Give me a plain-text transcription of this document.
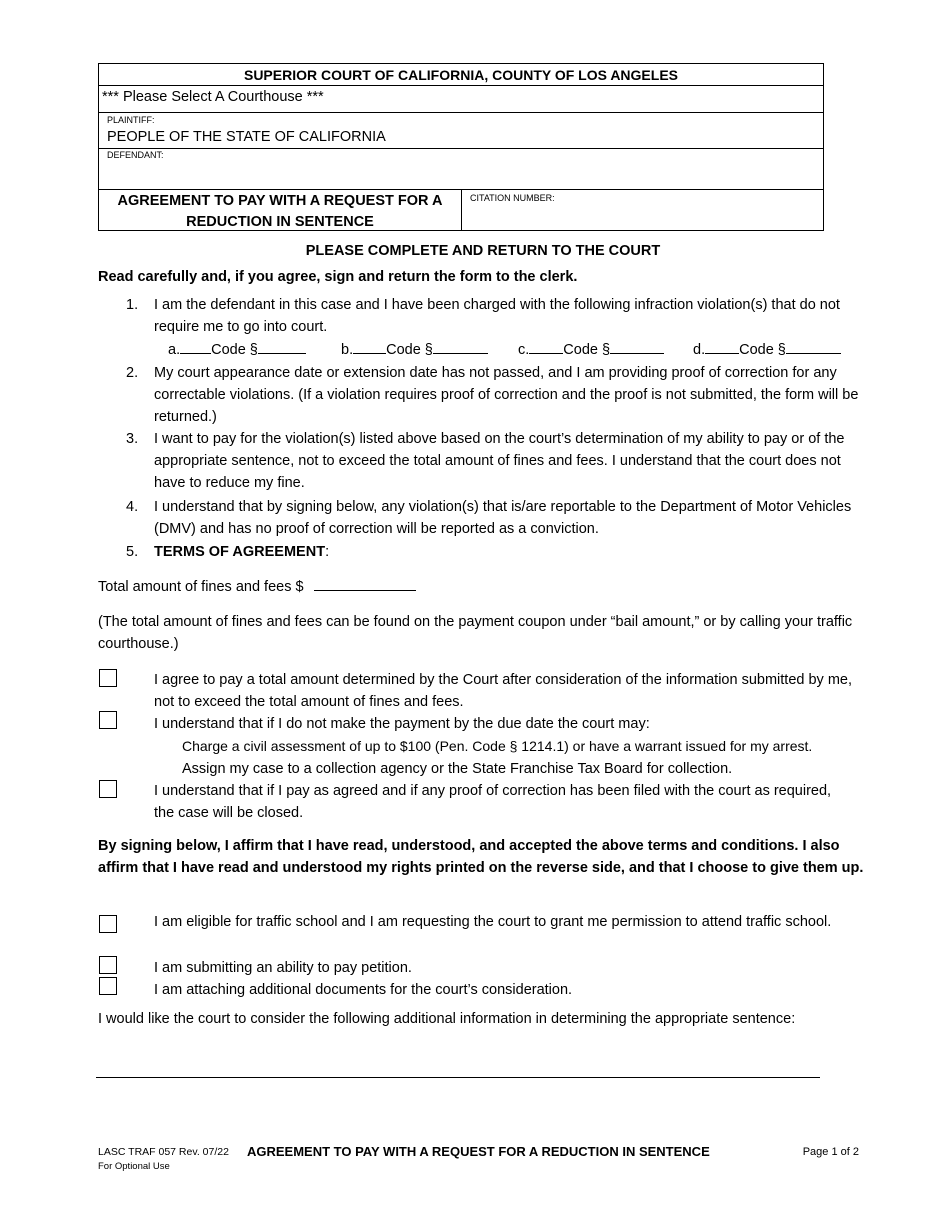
SUPERIOR COURT OF CALIFORNIA, COUNTY OF LOS ANGELES
*** Please Select A Courthouse ***
PLAINTIFF:
PEOPLE OF THE STATE OF CALIFORNIA
DEFENDANT:
AGREEMENT TO PAY WITH A REQUEST FOR A
REDUCTION IN SENTENCE
CITATION NUMBER:
PLEASE COMPLETE AND RETURN TO THE COURT
Read carefully and, if you agree, sign and return the form to the clerk.
1. I am the defendant in this case and I have been charged with the following infraction violation(s) that do not require me to go into court.
a. Code §	b. Code §	c. Code §	d. Code §
2. My court appearance date or extension date has not passed, and I am providing proof of correction for any correctable violations. (If a violation requires proof of correction and the proof is not submitted, the form will be returned.)
3. I want to pay for the violation(s) listed above based on the court’s determination of my ability to pay or of the appropriate sentence, not to exceed the total amount of fines and fees. I understand that the court does not have to reduce my fine.
4. I understand that by signing below, any violation(s) that is/are reportable to the Department of Motor Vehicles (DMV) and has no proof of correction will be reported as a conviction.
5. TERMS OF AGREEMENT:
Total amount of fines and fees $
(The total amount of fines and fees can be found on the payment coupon under “bail amount,” or by calling your traffic courthouse.)
I agree to pay a total amount determined by the Court after consideration of the information submitted by me, not to exceed the total amount of fines and fees.
I understand that if I do not make the payment by the due date the court may:
Charge a civil assessment of up to $100 (Pen. Code § 1214.1) or have a warrant issued for my arrest.
Assign my case to a collection agency or the State Franchise Tax Board for collection.
I understand that if I pay as agreed and if any proof of correction has been filed with the court as required, the case will be closed.
By signing below, I affirm that I have read, understood, and accepted the above terms and conditions. I also affirm that I have read and understood my rights printed on the reverse side, and that I choose to give them up.
I am eligible for traffic school and I am requesting the court to grant me permission to attend traffic school.
I am submitting an ability to pay petition.
I am attaching additional documents for the court’s consideration.
I would like the court to consider the following additional information in determining the appropriate sentence:
LASC TRAF 057 Rev. 07/22
For Optional Use
AGREEMENT TO PAY WITH A REQUEST FOR A REDUCTION IN SENTENCE	Page 1 of 2
